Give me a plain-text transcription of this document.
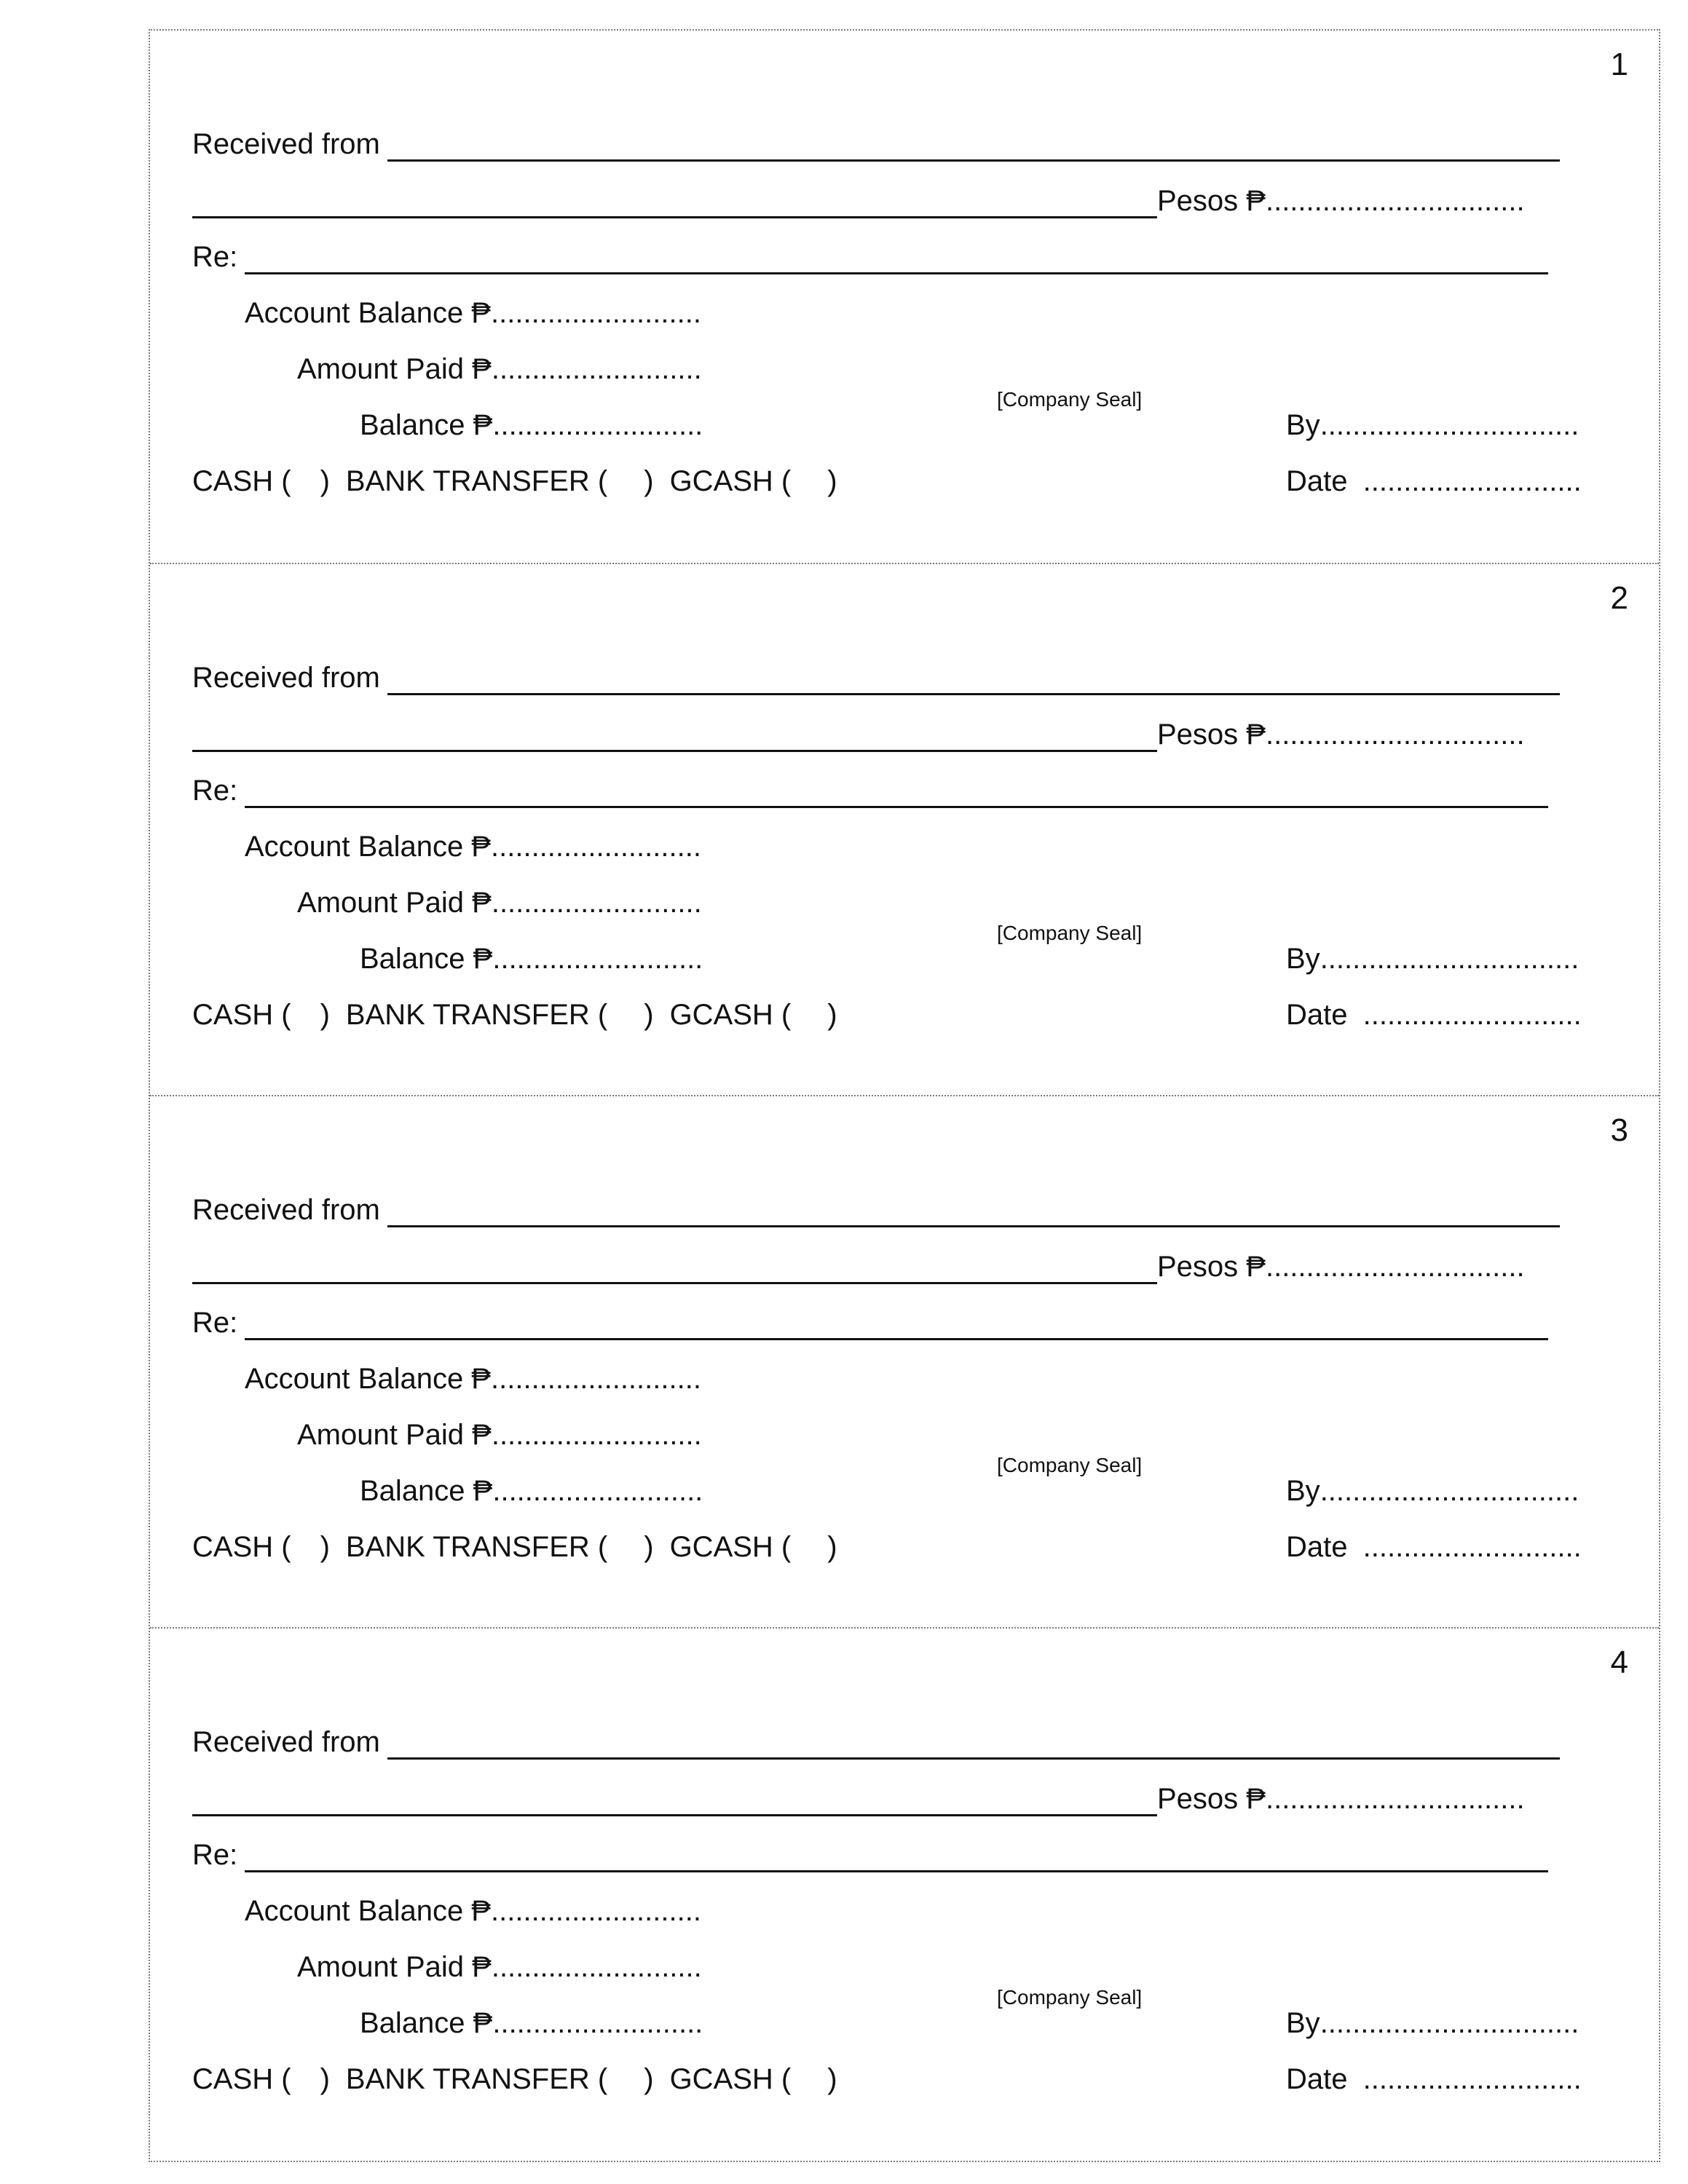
1
Received from
Pesos ₱ ................................
Re:
Account Balance ₱ ..........................
Amount Paid ₱ ..........................
[Company Seal]
Balance ₱ ..........................	By................................
CASH ( ) BANK TRANSFER ( ) GCASH ( )	Date ...........................
2
Received from
Pesos ₱ ................................
Re:
Account Balance ₱ ..........................
Amount Paid ₱ ..........................
[Company Seal]
Balance ₱ ..........................	By................................
CASH ( ) BANK TRANSFER ( ) GCASH ( )	Date ...........................
3
Received from
Pesos ₱ ................................
Re:
Account Balance ₱ ..........................
Amount Paid ₱ ..........................
[Company Seal]
Balance ₱ ..........................	By................................
CASH ( ) BANK TRANSFER ( ) GCASH ( )	Date ...........................
4
Received from
Pesos ₱ ................................
Re:
Account Balance ₱ ..........................
Amount Paid ₱ ..........................
[Company Seal]
Balance ₱ ..........................	By................................
CASH ( ) BANK TRANSFER ( ) GCASH ( )	Date ...........................
